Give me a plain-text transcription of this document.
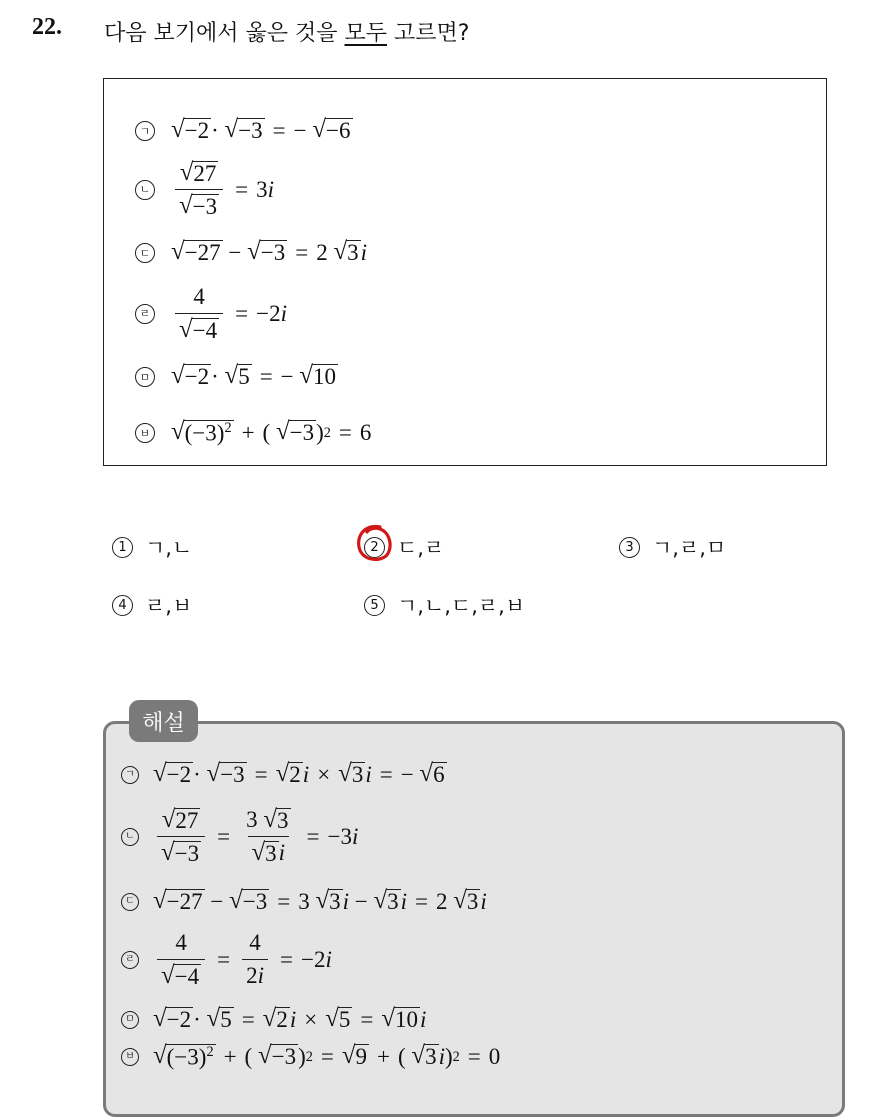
22. 다음 보기에서 옳은 것을 모두 고르면?
ㄱ √ −2 · √ −3 = − √ −6
ㄴ $\frac{√ 27}{√ -3} = 3$ i
ㄷ √ −27 − √ −3 = 2 √ 3 i
ㄹ $\frac{4}{√ -4} = -2$ i
ㅁ √ −2 · √ 5 = − √ 10
ㅂ √ $(-3)^2$ + ( √ −3 ) 2 = 6
1 ㄱ,ㄴ	2 ㄷ,ㄹ	3 ㄱ,ㄹ,ㅁ
4 ㄹ,ㅂ	5 ㄱ,ㄴ,ㄷ,ㄹ,ㅂ
해설
ㄱ √ −2 · √ −3 = √ 2 i × √ 3 i = − √ 6
ㄴ $\frac{√ 27}{√ -3} = \frac{3 √ 3}{√ 3 i} = -3$ i
ㄷ √ −27 − √ −3 = 3 √ 3 i − √ 3 i = 2 √ 3 i
ㄹ $\frac{4}{√ -4} = \frac{4}{2i} = -2$ i
ㅁ √ −2 · √ 5 = √ 2 i × √ 5 = √ 10 i
ㅂ √ $(-3)^2$ + ( √ −3 ) 2 = √ 9 + ( √ 3 i ) 2 = 0
